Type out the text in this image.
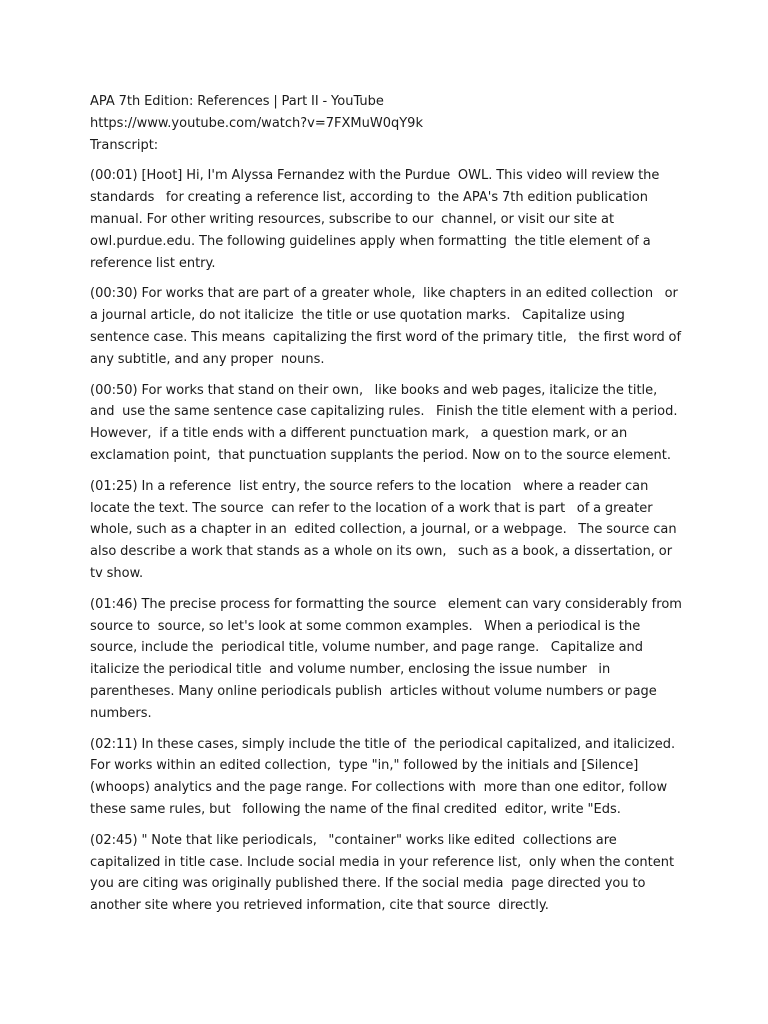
APA 7th Edition: References | Part II - YouTube

https://www.youtube.com/watch?v=7FXMuW0qY9k

Transcript:

(00:01) [Hoot] Hi, I'm Alyssa Fernandez with the Purdue  OWL. This video will review the standards   for creating a reference list, according to  the APA's 7th edition publication manual. For other writing resources, subscribe to our  channel, or visit our site at owl.purdue.edu. The following guidelines apply when formatting  the title element of a reference list entry.

(00:30) For works that are part of a greater whole,  like chapters in an edited collection   or a journal article, do not italicize  the title or use quotation marks.   Capitalize using sentence case. This means  capitalizing the first word of the primary title,   the first word of any subtitle, and any proper  nouns.

(00:50) For works that stand on their own,   like books and web pages, italicize the title, and  use the same sentence case capitalizing rules.   Finish the title element with a period. However,  if a title ends with a different punctuation mark,   a question mark, or an exclamation point,  that punctuation supplants the period. Now on to the source element.

(01:25) In a reference  list entry, the source refers to the location   where a reader can locate the text. The source  can refer to the location of a work that is part   of a greater whole, such as a chapter in an  edited collection, a journal, or a webpage.   The source can also describe a work that stands as a whole on its own,   such as a book, a dissertation, or tv show.

(01:46) The precise process for formatting the source   element can vary considerably from source to  source, so let's look at some common examples.   When a periodical is the source, include the  periodical title, volume number, and page range.   Capitalize and italicize the periodical title  and volume number, enclosing the issue number   in parentheses. Many online periodicals publish  articles without volume numbers or page numbers.

(02:11) In these cases, simply include the title of  the periodical capitalized, and italicized. For works within an edited collection,  type "in," followed by the initials and [Silence] (whoops) analytics and the page range. For collections with  more than one editor, follow these same rules, but   following the name of the final credited  editor, write "Eds.

(02:45) " Note that like periodicals,   "container" works like edited  collections are capitalized in title case. Include social media in your reference list,  only when the content you are citing was originally published there. If the social media  page directed you to another site where you retrieved information, cite that source  directly.
